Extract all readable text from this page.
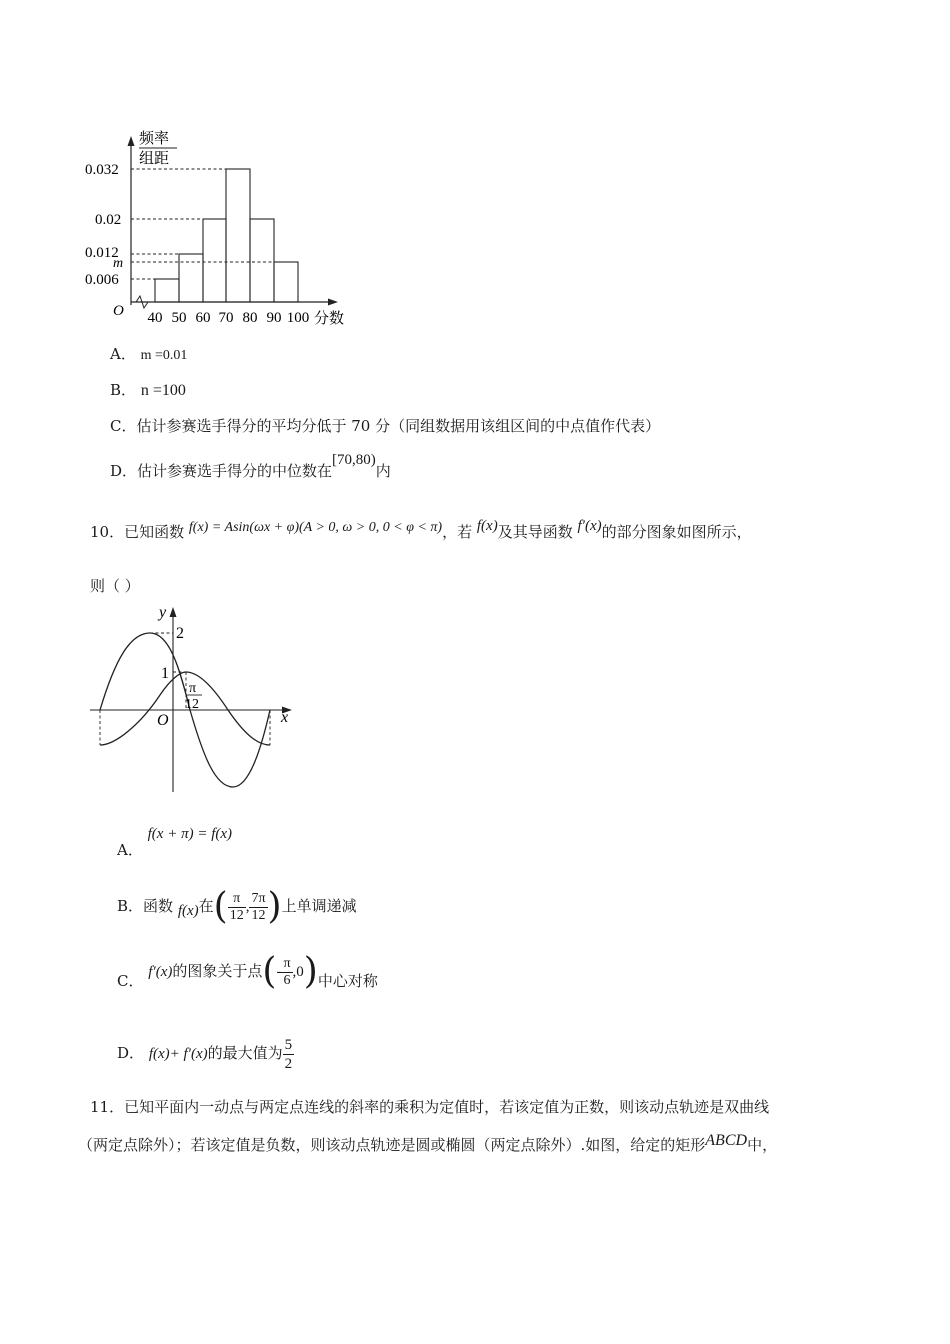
频率
组距
0.032
0.02
0.012
m
0.006
O 40 50 60 70 80 90 100 分数
A． m =0.01
B． n =100
C．估计参赛选手得分的平均分低于 70 分（同组数据用该组区间的中点值作代表）
D．估计参赛选手得分的中位数在[70,80)内
10．已知函数 f(x) = Asin(ωx + φ)(A > 0, ω > 0, 0 < φ < π)，若 f(x)及其导函数 f′(x)的部分图象如图所示，
则（ ）
y
2
1
π
12
O	x
A． f(x + π) = f(x)
B．函数 f(x)在( $\frac{\pi}{12}$ , $\frac{7\pi}{12}$ )上单调递减
C． f′(x)的图象关于点(- $\frac{\pi}{6} ,0$)中心对称
D． f(x)+ f′(x)的最大值为 $\frac{5}{2}$
11．已知平面内一动点与两定点连线的斜率的乘积为定值时，若该定值为正数，则该动点轨迹是双曲线
（两定点除外）；若该定值是负数，则该动点轨迹是圆或椭圆（两定点除外）.如图，给定的矩形ABCD中，
